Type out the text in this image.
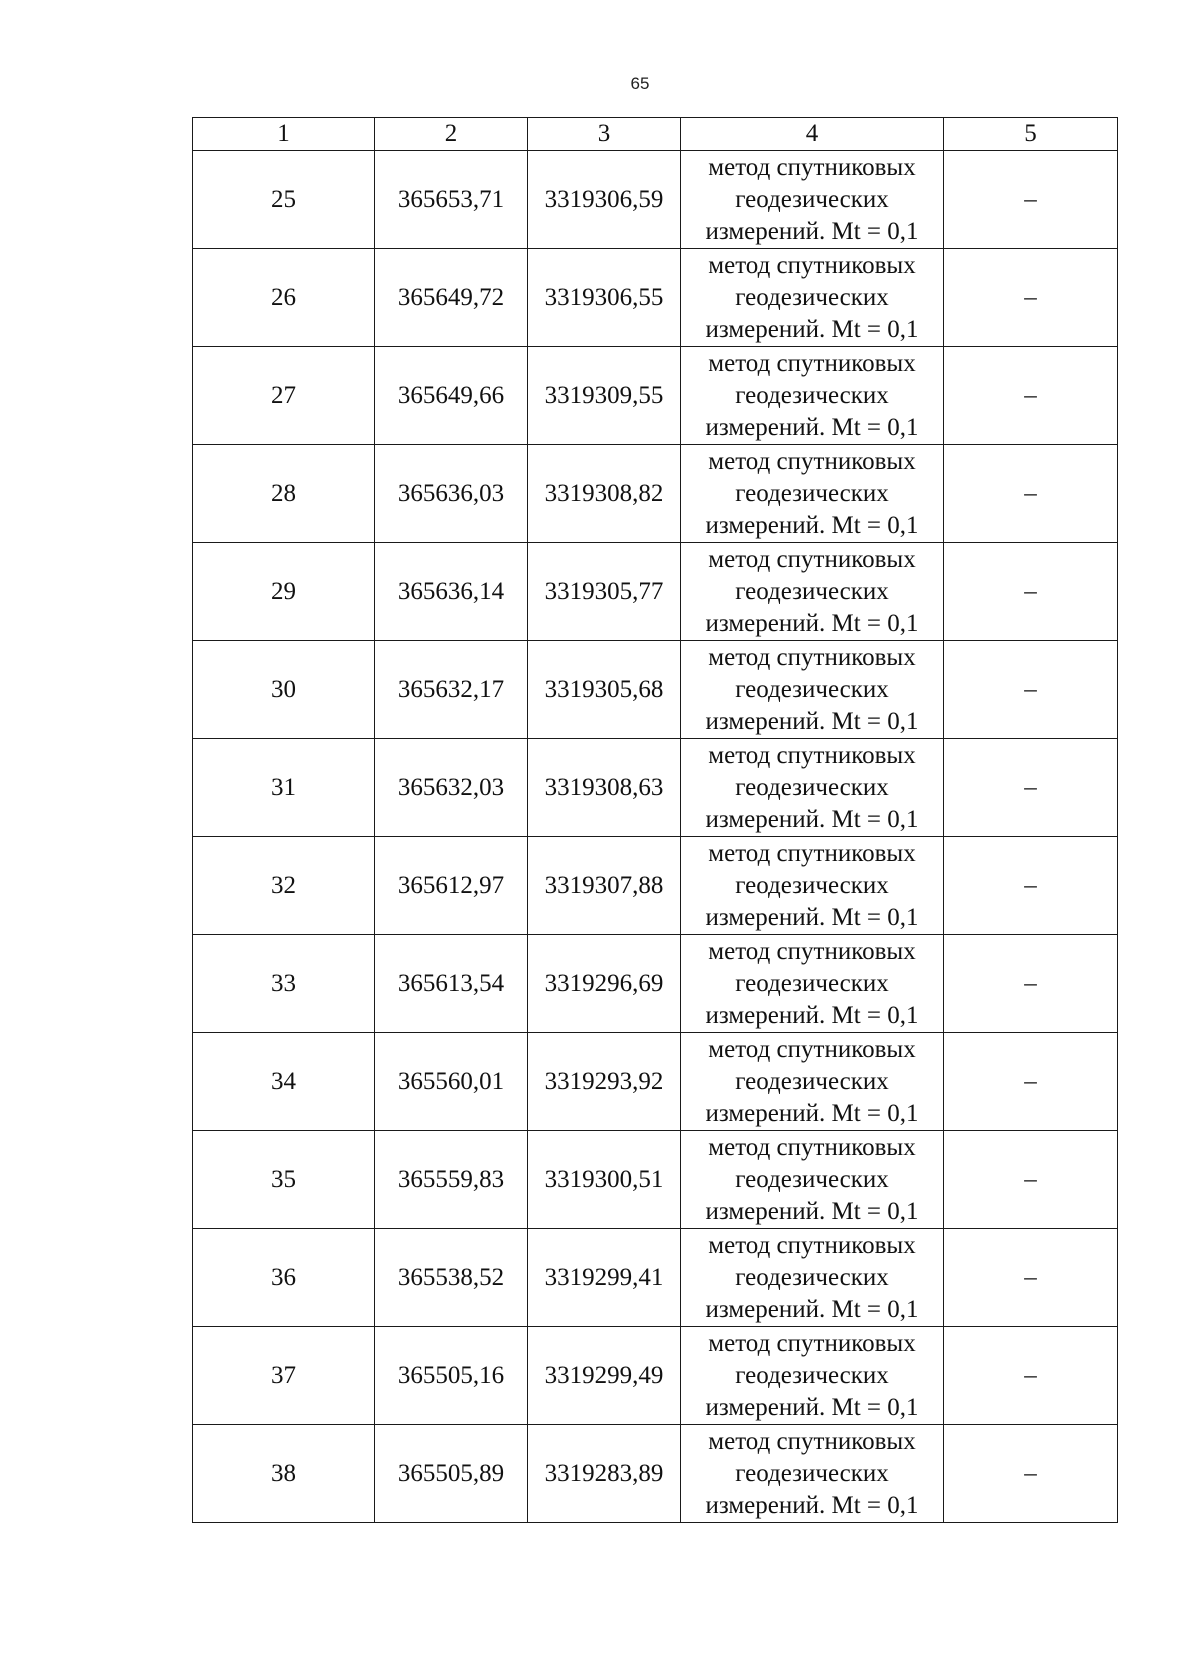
65
1	2	3	4	5
25	365653,71	3319306,59	метод спутниковых
геодезических
измерений. Mt = 0,1	–
26	365649,72	3319306,55	метод спутниковых
геодезических
измерений. Mt = 0,1	–
27	365649,66	3319309,55	метод спутниковых
геодезических
измерений. Mt = 0,1	–
28	365636,03	3319308,82	метод спутниковых
геодезических
измерений. Mt = 0,1	–
29	365636,14	3319305,77	метод спутниковых
геодезических
измерений. Mt = 0,1	–
30	365632,17	3319305,68	метод спутниковых
геодезических
измерений. Mt = 0,1	–
31	365632,03	3319308,63	метод спутниковых
геодезических
измерений. Mt = 0,1	–
32	365612,97	3319307,88	метод спутниковых
геодезических
измерений. Mt = 0,1	–
33	365613,54	3319296,69	метод спутниковых
геодезических
измерений. Mt = 0,1	–
34	365560,01	3319293,92	метод спутниковых
геодезических
измерений. Mt = 0,1	–
35	365559,83	3319300,51	метод спутниковых
геодезических
измерений. Mt = 0,1	–
36	365538,52	3319299,41	метод спутниковых
геодезических
измерений. Mt = 0,1	–
37	365505,16	3319299,49	метод спутниковых
геодезических
измерений. Mt = 0,1	–
38	365505,89	3319283,89	метод спутниковых
геодезических
измерений. Mt = 0,1	–
